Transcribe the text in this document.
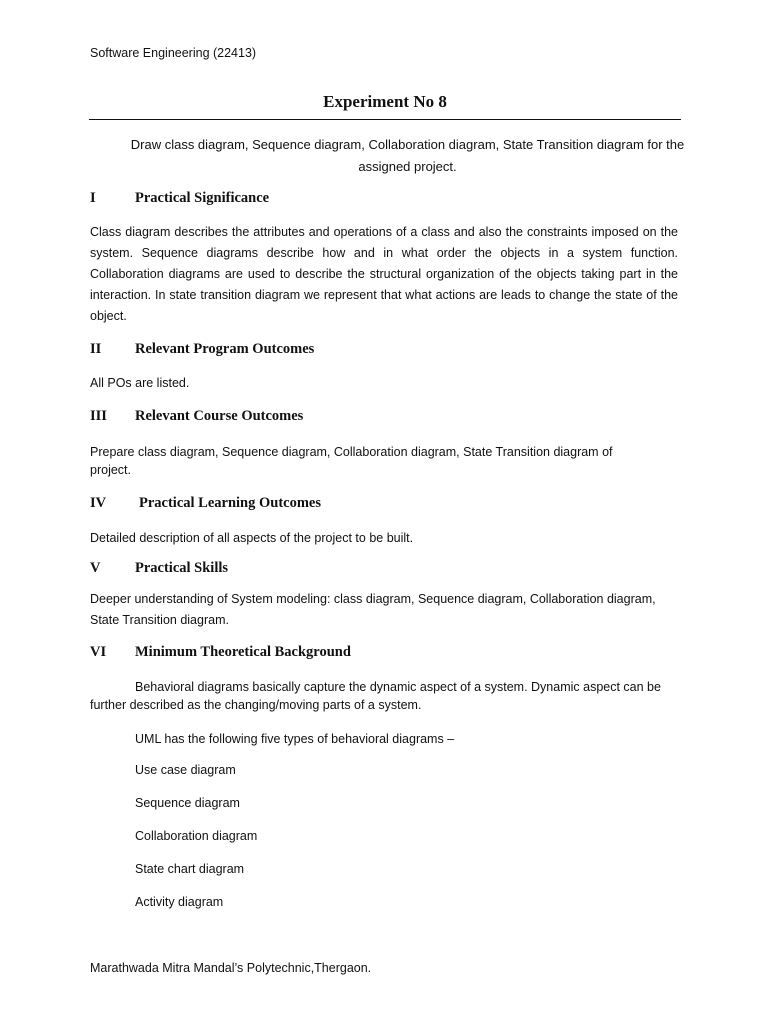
Software Engineering (22413)
Experiment No 8
Draw class diagram, Sequence diagram, Collaboration diagram, State Transition diagram for the assigned project.
I	Practical Significance
Class diagram describes the attributes and operations of a class and also the constraints imposed on the system. Sequence diagrams describe how and in what order the objects in a system function. Collaboration diagrams are used to describe the structural organization of the objects taking part in the interaction. In state transition diagram we represent that what actions are leads to change the state of the object.
II Relevant Program Outcomes
All POs are listed.
III Relevant Course Outcomes
Prepare class diagram, Sequence diagram, Collaboration diagram, State Transition diagram of project.
IV Practical Learning Outcomes
Detailed description of all aspects of the project to be built.
V Practical Skills
Deeper understanding of System modeling: class diagram, Sequence diagram, Collaboration diagram, State Transition diagram.
VI Minimum Theoretical Background
Behavioral diagrams basically capture the dynamic aspect of a system. Dynamic aspect can be further described as the changing/moving parts of a system.
UML has the following five types of behavioral diagrams –
Use case diagram
Sequence diagram
Collaboration diagram
State chart diagram
Activity diagram
Marathwada Mitra Mandal’s Polytechnic,Thergaon.
